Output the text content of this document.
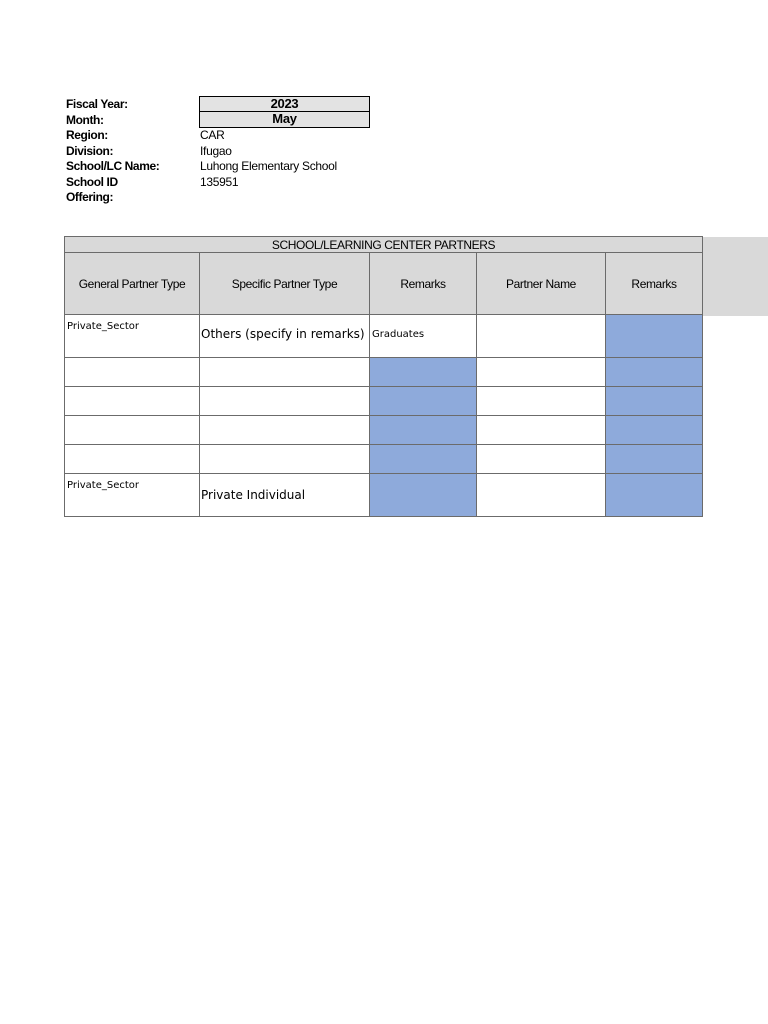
Fiscal Year:	2023
Month:	May
Region:	CAR
Division:	Ifugao
School/LC Name:	Luhong Elementary School
School ID	135951
Offering:
SCHOOL/LEARNING CENTER PARTNERS				
General Partner Type	Specific Partner Type	Remarks	Partner Name	Remarks
Private_Sector	Others (specify in remarks)	Graduates		

Private_Sector	Private Individual			
